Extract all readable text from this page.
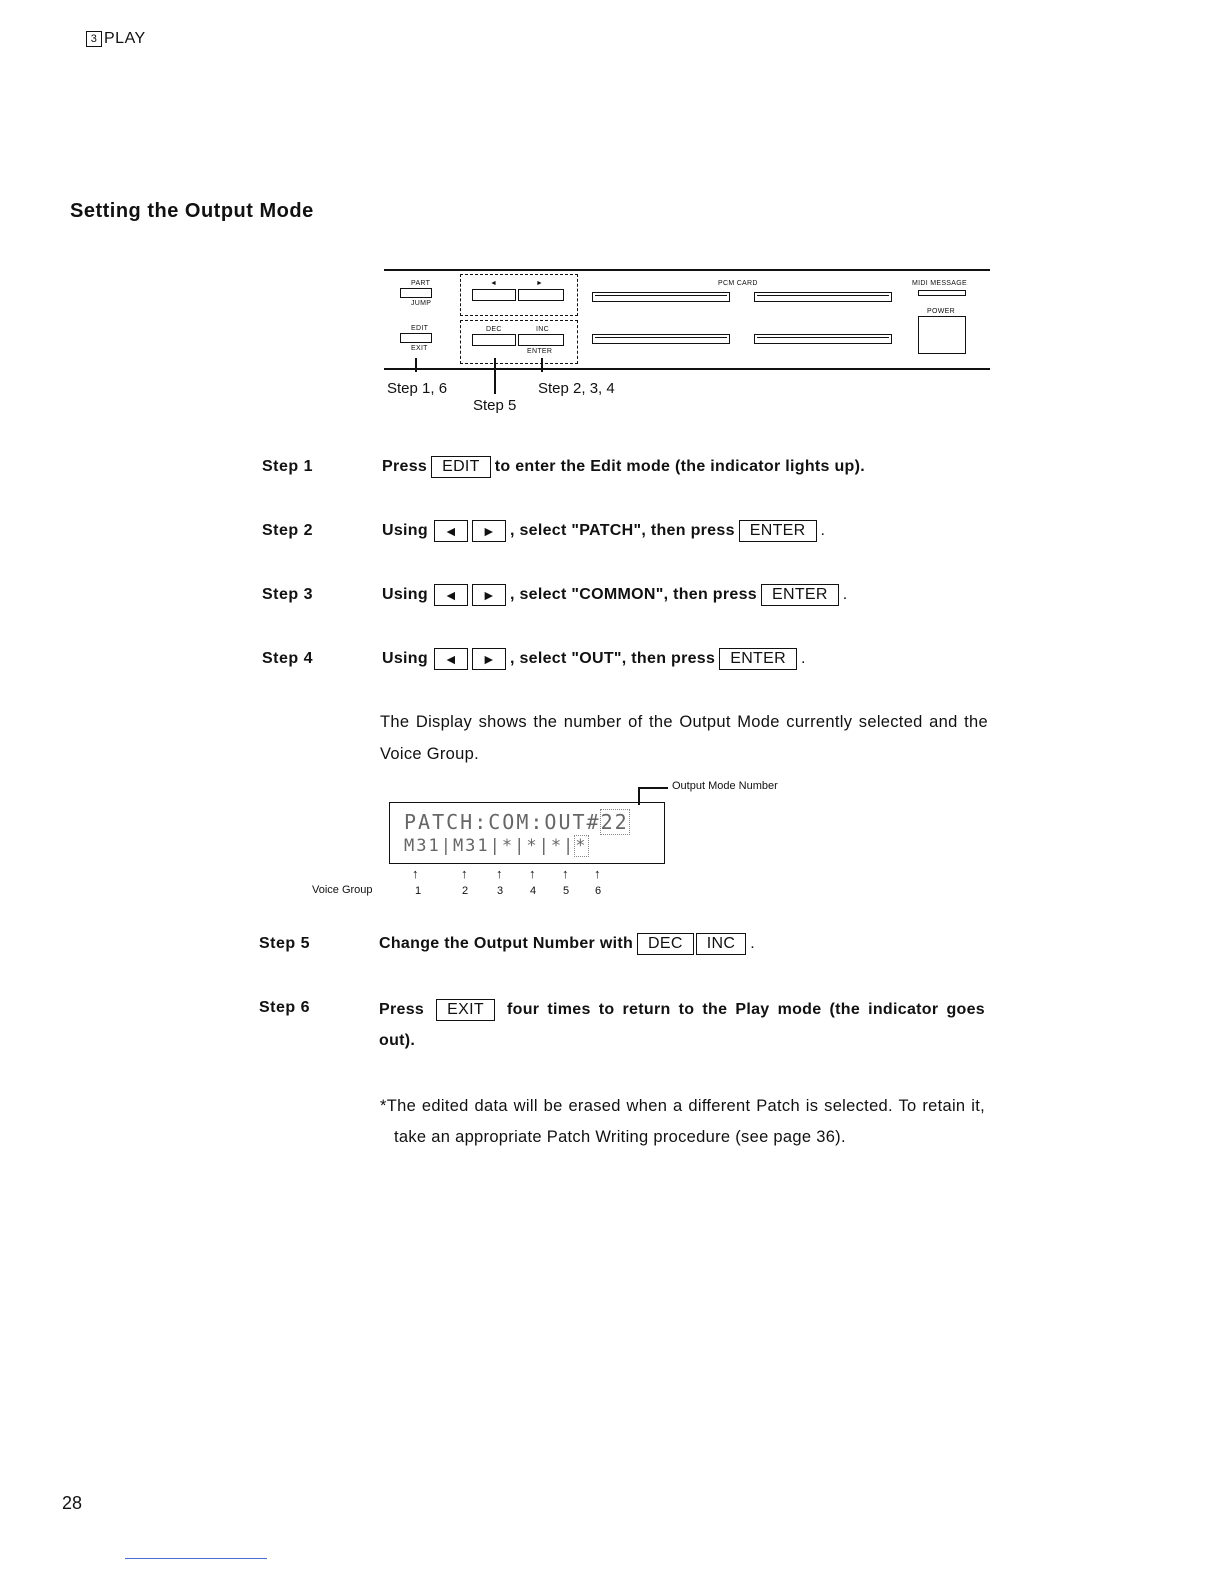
3 PLAY
Setting the Output Mode
PART
JUMP
EDIT
EXIT
◄	►
DEC	INC
ENTER
PCM CARD	MIDI MESSAGE
POWER
Step 1, 6	Step 2, 3, 4
Step 5
Step 1	Press EDIT to enter the Edit mode (the indicator lights up).
Step 2	Using	◄	► , select "PATCH", then press ENTER .
Step 3	Using	◄	► , select "COMMON", then press ENTER .
Step 4	Using	◄	► , select "OUT", then press ENTER .
The Display shows the number of the Output Mode currently selected and the Voice Group.
Output Mode Number
PATCH:COM:OUT#22
M31|M31|*|*|*|*
Voice Group
↑	↑ ↑ ↑ ↑ ↑
1	2	3 4 5 6
Step 5	Change the Output Number with DEC	INC .
Step 6	Press EXIT four times to return to the Play mode (the indicator goes out).
*The edited data will be erased when a different Patch is selected. To retain it, take an appropriate Patch Writing procedure (see page 36).
28
